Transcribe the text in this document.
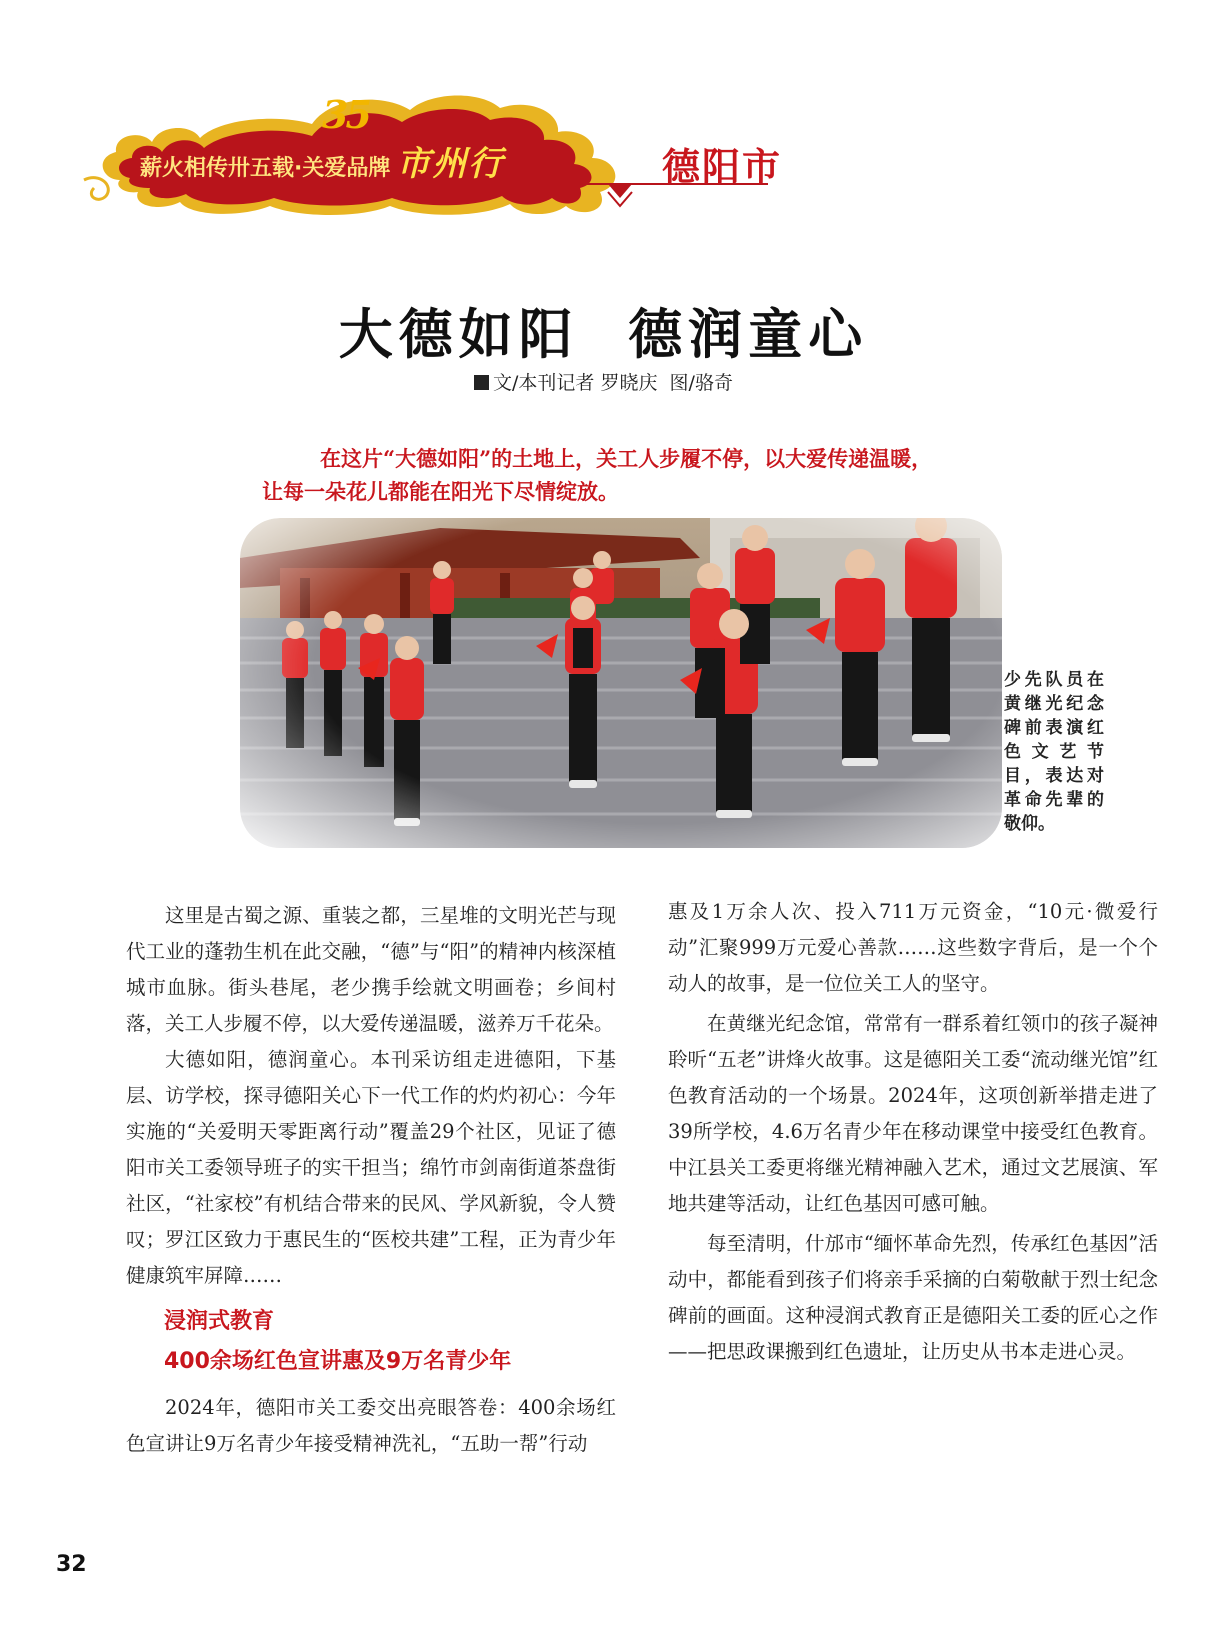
35
薪火相传卅五载·关爱品牌 市州行	德阳市
大德如阳  德润童心
文/本刊记者 罗晓庆  图/骆奇

在这片“大德如阳”的土地上，关工人步履不停，以大爱传递温暖，

让每一朵花儿都能在阳光下尽情绽放。

少先队员在黄继光纪念碑前表演红色文艺节目，表达对革命先辈的敬仰。

这里是古蜀之源、重装之都，三星堆的文明光芒与现代工业的蓬勃生机在此交融，“德”与“阳”的精神内核深植城市血脉。街头巷尾，老少携手绘就文明画卷；乡间村落，关工人步履不停，以大爱传递温暖，滋养万千花朵。

大德如阳，德润童心。本刊采访组走进德阳，下基层、访学校，探寻德阳关心下一代工作的灼灼初心：今年实施的“关爱明天零距离行动”覆盖29个社区，见证了德阳市关工委领导班子的实干担当；绵竹市剑南街道茶盘街社区，“社家校”有机结合带来的民风、学风新貌，令人赞叹；罗江区致力于惠民生的“医校共建”工程，正为青少年健康筑牢屏障……

浸润式教育
400余场红色宣讲惠及9万名青少年

2024年，德阳市关工委交出亮眼答卷：400余场红色宣讲让9万名青少年接受精神洗礼，“五助一帮”行动

惠及1万余人次、投入711万元资金，“10元·微爱行动”汇聚999万元爱心善款……这些数字背后，是一个个动人的故事，是一位位关工人的坚守。

在黄继光纪念馆，常常有一群系着红领巾的孩子凝神聆听“五老”讲烽火故事。这是德阳关工委“流动继光馆”红色教育活动的一个场景。2024年，这项创新举措走进了39所学校，4.6万名青少年在移动课堂中接受红色教育。中江县关工委更将继光精神融入艺术，通过文艺展演、军地共建等活动，让红色基因可感可触。

每至清明，什邡市“缅怀革命先烈，传承红色基因”活动中，都能看到孩子们将亲手采摘的白菊敬献于烈士纪念碑前的画面。这种浸润式教育正是德阳关工委的匠心之作——把思政课搬到红色遗址，让历史从书本走进心灵。

32
